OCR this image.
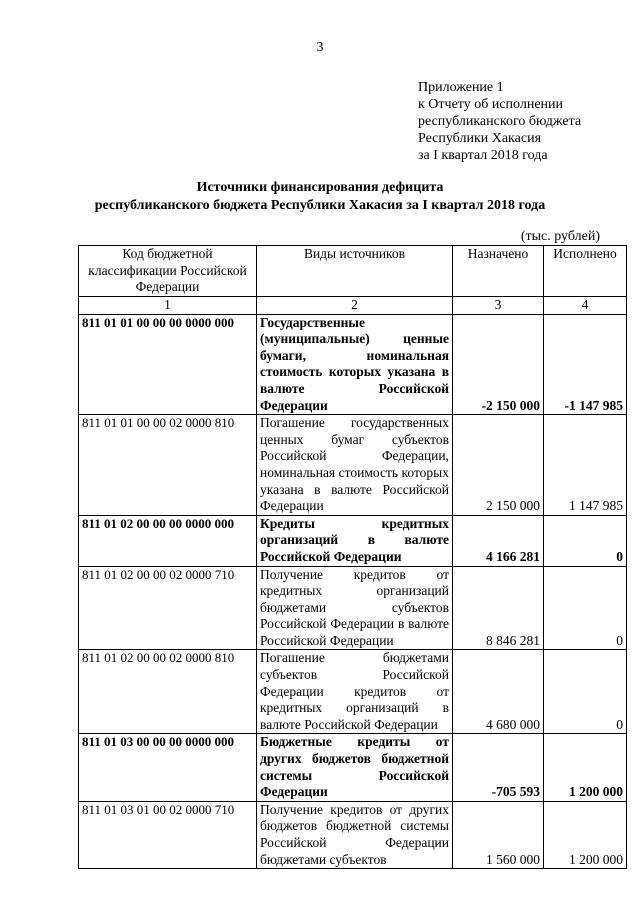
3
Приложение 1
к Отчету об исполнении
республиканского бюджета
Республики Хакасия
за I квартал 2018 года
Источники финансирования дефицита
республиканского бюджета Республики Хакасия за I квартал 2018 года
(тыс. рублей)
Код бюджетной классификации Российской Федерации	Виды источников	Назначено	Исполнено
1	2	3	4
811 01 01 00 00 00 0000 000	Государственные (муниципальные) ценные бумаги, номинальная стоимость которых указана в валюте Российской Федерации	-2 150 000	-1 147 985
811 01 01 00 00 02 0000 810	Погашение государственных ценных бумаг субъектов Российской Федерации, номинальная стоимость которых указана в валюте Российской Федерации	2 150 000	1 147 985
811 01 02 00 00 00 0000 000	Кредиты кредитных организаций в валюте Российской Федерации	4 166 281	0
811 01 02 00 00 02 0000 710	Получение кредитов от кредитных организаций бюджетами субъектов Российской Федерации в валюте Российской Федерации	8 846 281	0
811 01 02 00 00 02 0000 810	Погашение бюджетами субъектов Российской Федерации кредитов от кредитных организаций в валюте Российской Федерации	4 680 000	0
811 01 03 00 00 00 0000 000	Бюджетные кредиты от других бюджетов бюджетной системы Российской Федерации	-705 593	1 200 000
811 01 03 01 00 02 0000 710	Получение кредитов от других бюджетов бюджетной системы Российской Федерации бюджетами субъектов	1 560 000	1 200 000
